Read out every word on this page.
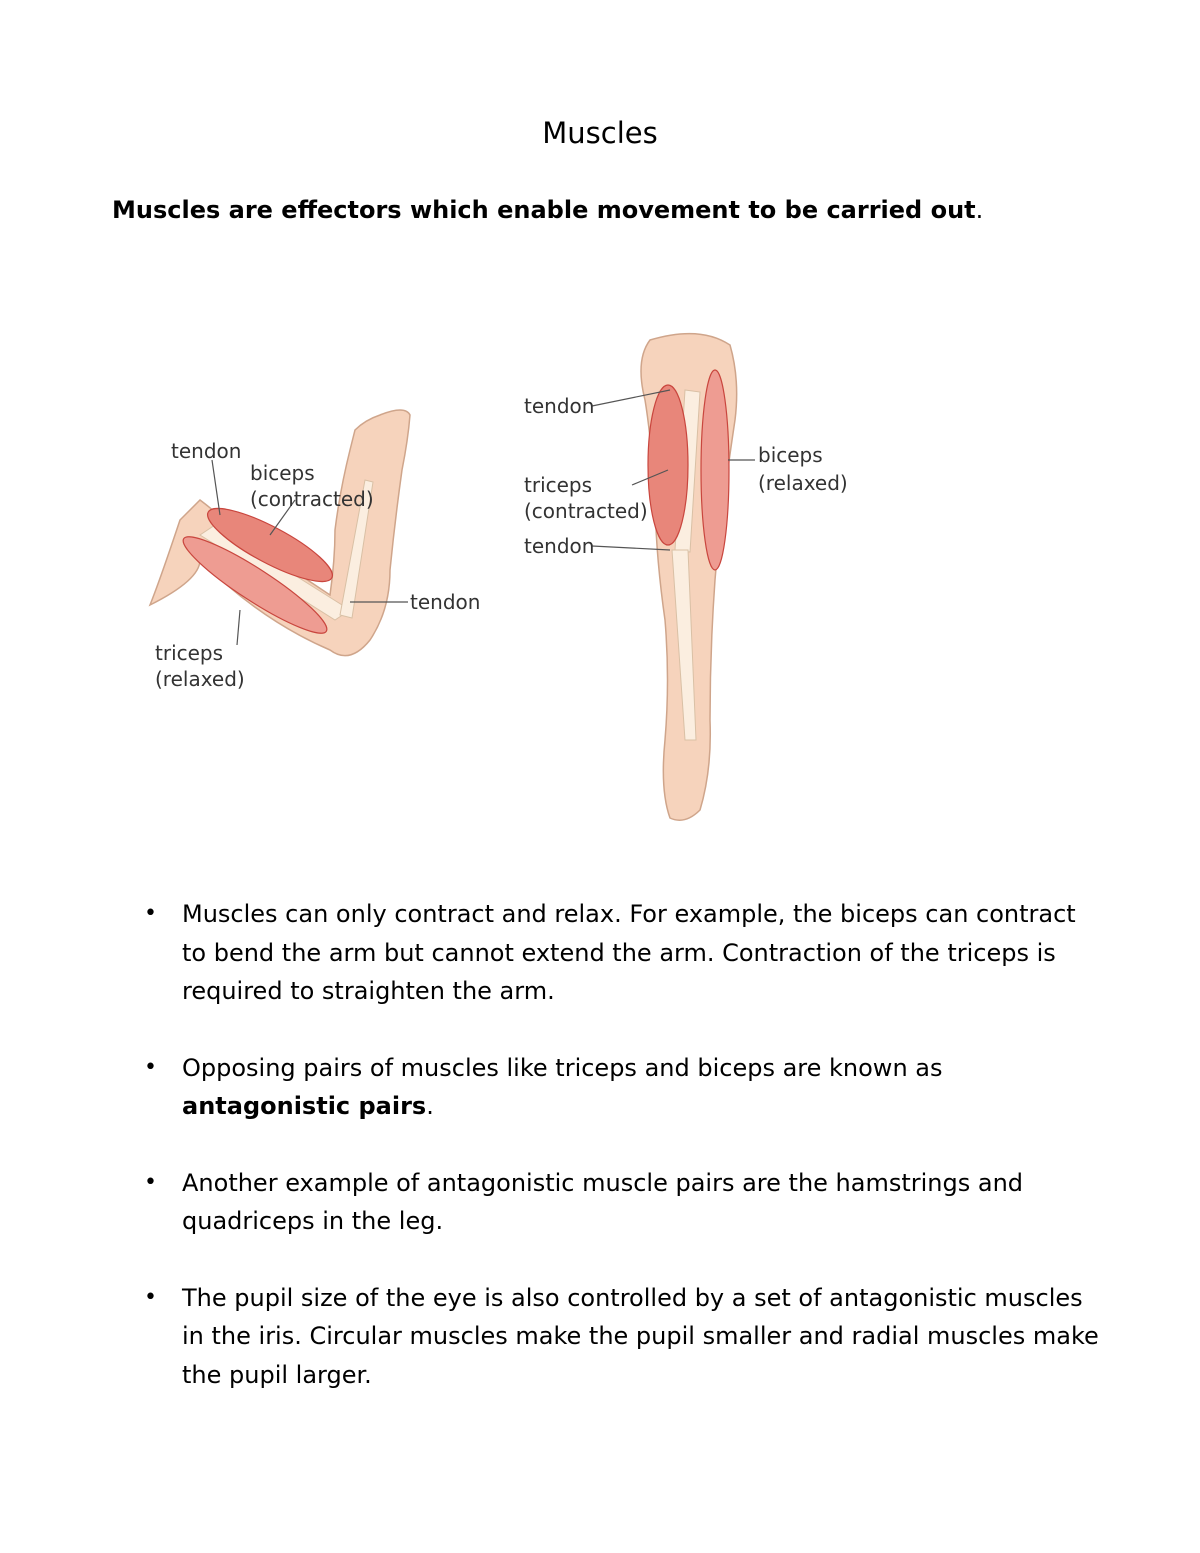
Muscles
Muscles are effectors which enable movement to be carried out.
tendon
biceps
(contracted)
tendon
triceps
(relaxed)
tendon
triceps
(contracted)
tendon
biceps
(relaxed)
• Muscles can only contract and relax. For example, the biceps can contract to bend the arm but cannot extend the arm. Contraction of the triceps is required to straighten the arm.
• Opposing pairs of muscles like triceps and biceps are known as antagonistic pairs.
• Another example of antagonistic muscle pairs are the hamstrings and quadriceps in the leg.
• The pupil size of the eye is also controlled by a set of antagonistic muscles in the iris. Circular muscles make the pupil smaller and radial muscles make the pupil larger.
